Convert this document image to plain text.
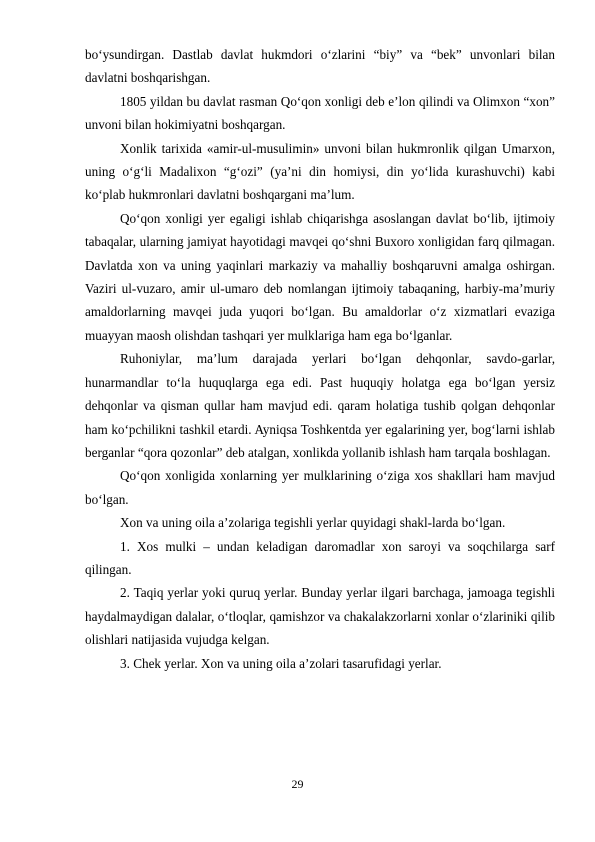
bo‘ysundirgan. Dastlab davlat hukmdori o‘zlarini “biy” va “bek” unvonlari bilan davlatni boshqarishgan.

1805 yildan bu davlat rasman Qo‘qon xonligi deb e’lon qilindi va Olimxon “xon” unvoni bilan hokimiyatni boshqargan.

Xonlik tarixida «amir-ul-musulimin» unvoni bilan hukmronlik qilgan Umarxon, uning o‘g‘li Madalixon “g‘ozi” (ya’ni din homiysi, din yo‘lida kurashuvchi) kabi ko‘plab hukmronlari davlatni boshqargani ma’lum.

Qo‘qon xonligi yer egaligi ishlab chiqarishga asoslangan davlat bo‘lib, ijtimoiy tabaqalar, ularning jamiyat hayotidagi mavqei qo‘shni Buxoro xonligidan farq qilmagan. Davlatda xon va uning yaqinlari markaziy va mahalliy boshqaruvni amalga oshirgan. Vaziri ul-vuzaro, amir ul-umaro deb nomlangan ijtimoiy tabaqaning, harbiy-ma’muriy amaldorlarning mavqei juda yuqori bo‘lgan. Bu amaldorlar o‘z xizmatlari evaziga muayyan maosh olishdan tashqari yer mulklariga ham ega bo‘lganlar.

Ruhoniylar, ma’lum darajada yerlari bo‘lgan dehqonlar, savdo-garlar, hunarmandlar to‘la huquqlarga ega edi. Past huquqiy holatga ega bo‘lgan yersiz dehqonlar va qisman qullar ham mavjud edi. qaram holatiga tushib qolgan dehqonlar ham ko‘pchilikni tashkil etardi. Ayniqsa Toshkentda yer egalarining yer, bog‘larni ishlab berganlar “qora qozonlar” deb atalgan, xonlikda yollanib ishlash ham tarqala boshlagan.

Qo‘qon xonligida xonlarning yer mulklarining o‘ziga xos shakllari ham mavjud bo‘lgan.

Xon va uning oila a’zolariga tegishli yerlar quyidagi shakl-larda bo‘lgan.

1. Xos mulki – undan keladigan daromadlar xon saroyi va soqchilarga sarf qilingan.

2. Taqiq yerlar yoki quruq yerlar. Bunday yerlar ilgari barchaga, jamoaga tegishli haydalmaydigan dalalar, o‘tloqlar, qamishzor va chakalakzorlarni xonlar o‘zlariniki qilib olishlari natijasida vujudga kelgan.

3. Chek yerlar. Xon va uning oila a’zolari tasarufidagi yerlar.

29
